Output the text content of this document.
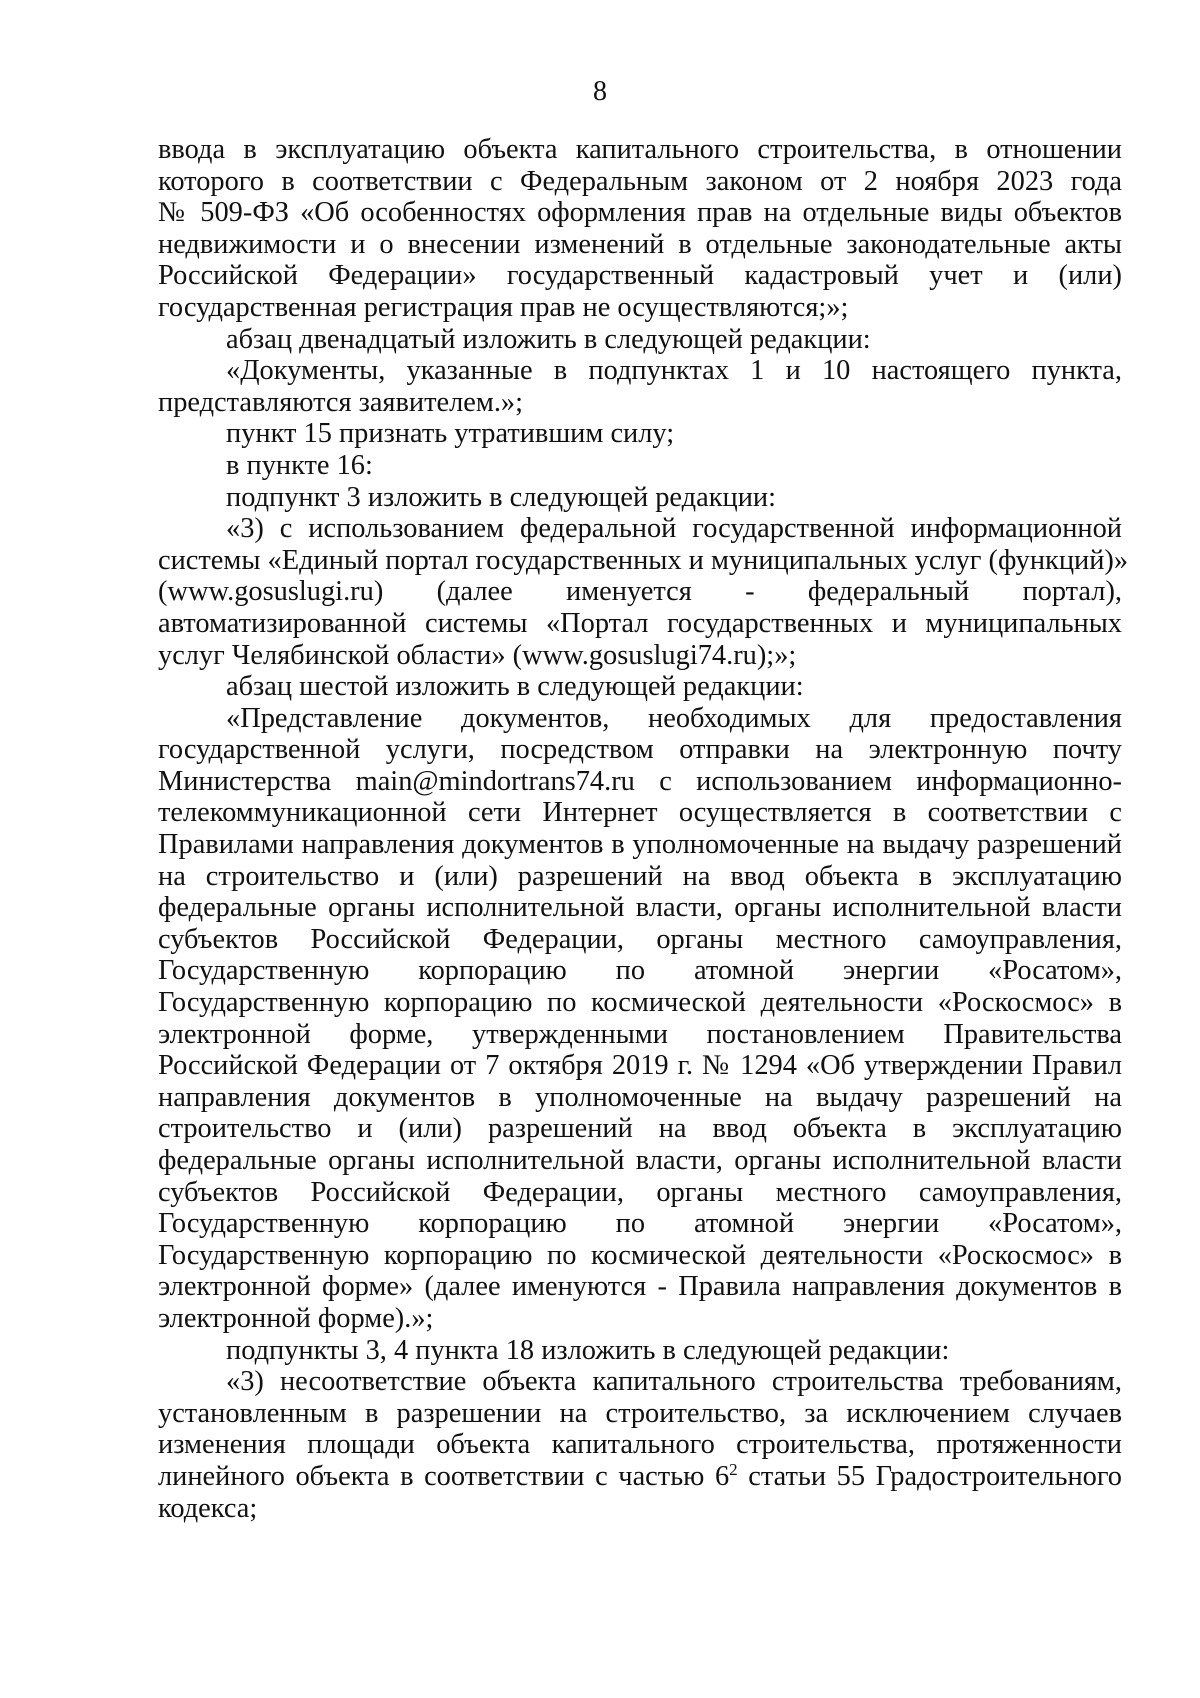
8
ввода в эксплуатацию объекта капитального строительства, в отношении
которого в соответствии с Федеральным законом от 2 ноября 2023 года
№ 509-ФЗ «Об особенностях оформления прав на отдельные виды объектов
недвижимости и о внесении изменений в отдельные законодательные акты
Российской Федерации» государственный кадастровый учет и (или)
государственная регистрация прав не осуществляются;»;
абзац двенадцатый изложить в следующей редакции:
«Документы, указанные в подпунктах 1 и 10 настоящего пункта,
представляются заявителем.»;
пункт 15 признать утратившим силу;
в пункте 16:
подпункт 3 изложить в следующей редакции:
«3) с использованием федеральной государственной информационной
системы «Единый портал государственных и муниципальных услуг (функций)»
(www.gosuslugi.ru) (далее именуется - федеральный портал),
автоматизированной системы «Портал государственных и муниципальных
услуг Челябинской области» (www.gosuslugi74.ru);»;
абзац шестой изложить в следующей редакции:
«Представление документов, необходимых для предоставления
государственной услуги, посредством отправки на электронную почту
Министерства main@mindortrans74.ru с использованием информационно-
телекоммуникационной сети Интернет осуществляется в соответствии с
Правилами направления документов в уполномоченные на выдачу разрешений
на строительство и (или) разрешений на ввод объекта в эксплуатацию
федеральные органы исполнительной власти, органы исполнительной власти
субъектов Российской Федерации, органы местного самоуправления,
Государственную корпорацию по атомной энергии «Росатом»,
Государственную корпорацию по космической деятельности «Роскосмос» в
электронной форме, утвержденными постановлением Правительства
Российской Федерации от 7 октября 2019 г. № 1294 «Об утверждении Правил
направления документов в уполномоченные на выдачу разрешений на
строительство и (или) разрешений на ввод объекта в эксплуатацию
федеральные органы исполнительной власти, органы исполнительной власти
субъектов Российской Федерации, органы местного самоуправления,
Государственную корпорацию по атомной энергии «Росатом»,
Государственную корпорацию по космической деятельности «Роскосмос» в
электронной форме» (далее именуются - Правила направления документов в
электронной форме).»;
подпункты 3, 4 пункта 18 изложить в следующей редакции:
«3) несоответствие объекта капитального строительства требованиям,
установленным в разрешении на строительство, за исключением случаев
изменения площади объекта капитального строительства, протяженности
линейного объекта в соответствии с частью $6^2$ статьи 55 Градостроительного
кодекса;
